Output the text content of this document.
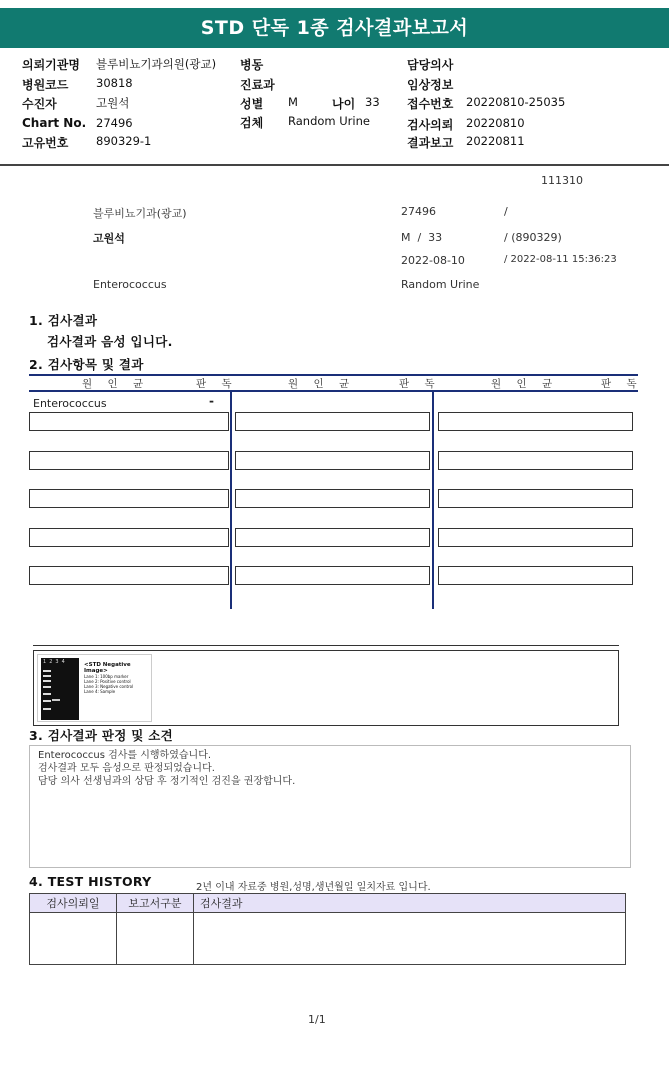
STD 단독 1종 검사결과보고서
의뢰기관명 블루비뇨기과의원(광교)
병원코드 30818
수진자	고원석
Chart No. 27496
고유번호 890329-1
병동
진료과
성별 M	나이 33
검체 Random Urine
담당의사
임상정보
접수번호 20220810-25035
검사의뢰 20220810
결과보고 20220811
111310
블루비뇨기과(광교)	27496	/
고원석	M  /  33	/ (890329)
2022-08-10	/ 2022-08-11 15:36:23
Enterococcus	Random Urine
1. 검사결과
검사결과 음성 입니다.
2. 검사항목 및 결과
원 인 균	판 독	원 인 균	판 독	원 인 균	판 독
Enterococcus	-
1234	<STD Negative Image>
Lane 1: 100bp marker
Lane 2: Positive control
Lane 3: Negative control
Lane 4: Sample
3. 검사결과 판정 및 소견
Enterococcus 검사를 시행하였습니다.
검사결과 모두 음성으로 판정되었습니다.
담당 의사 선생님과의 상담 후 정기적인 검진을 권장합니다.
4. TEST HISTORY	2년 이내 자료중 병원,성명,생년월일 일치자료 입니다.
검사의뢰일	보고서구분	검사결과

1/1
